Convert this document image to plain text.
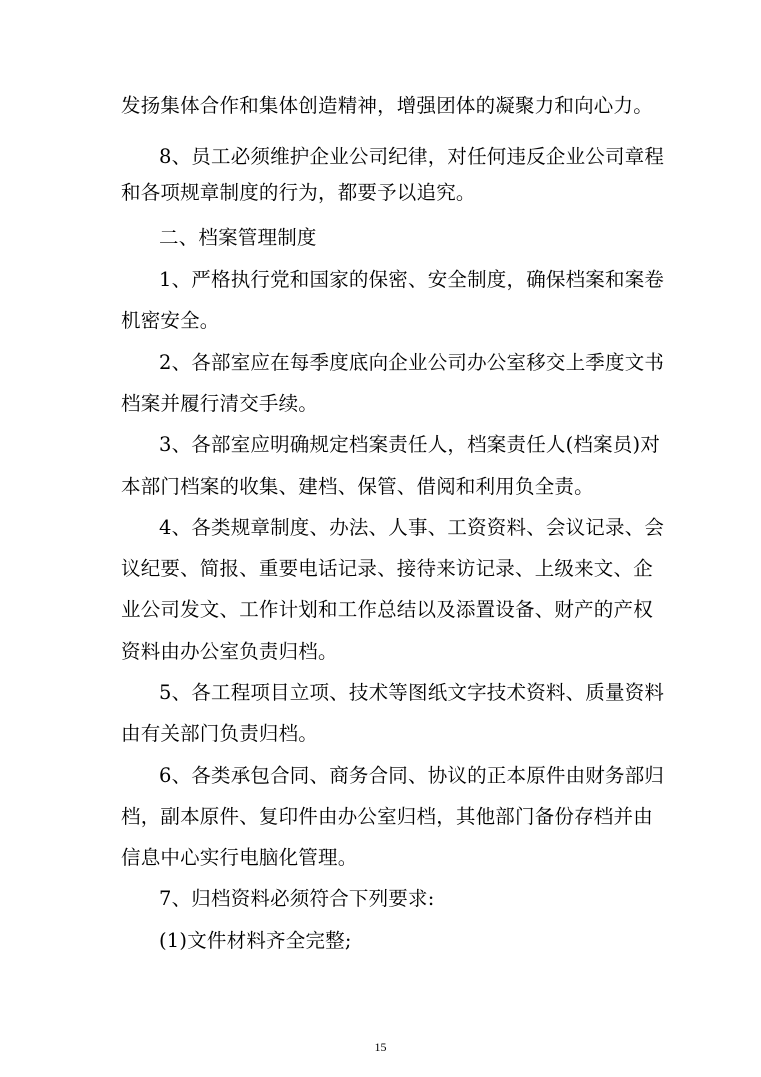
发扬集体合作和集体创造精神，增强团体的凝聚力和向心力。
8、员工必须维护企业公司纪律，对任何违反企业公司章程
和各项规章制度的行为，都要予以追究。
二、档案管理制度
1、严格执行党和国家的保密、安全制度，确保档案和案卷
机密安全。
2、各部室应在每季度底向企业公司办公室移交上季度文书
档案并履行清交手续。
3、各部室应明确规定档案责任人，档案责任人(档案员)对
本部门档案的收集、建档、保管、借阅和利用负全责。
4、各类规章制度、办法、人事、工资资料、会议记录、会
议纪要、简报、重要电话记录、接待来访记录、上级来文、企
业公司发文、工作计划和工作总结以及添置设备、财产的产权
资料由办公室负责归档。
5、各工程项目立项、技术等图纸文字技术资料、质量资料
由有关部门负责归档。
6、各类承包合同、商务合同、协议的正本原件由财务部归
档，副本原件、复印件由办公室归档，其他部门备份存档并由
信息中心实行电脑化管理。
7、归档资料必须符合下列要求:
(1)文件材料齐全完整;
15
